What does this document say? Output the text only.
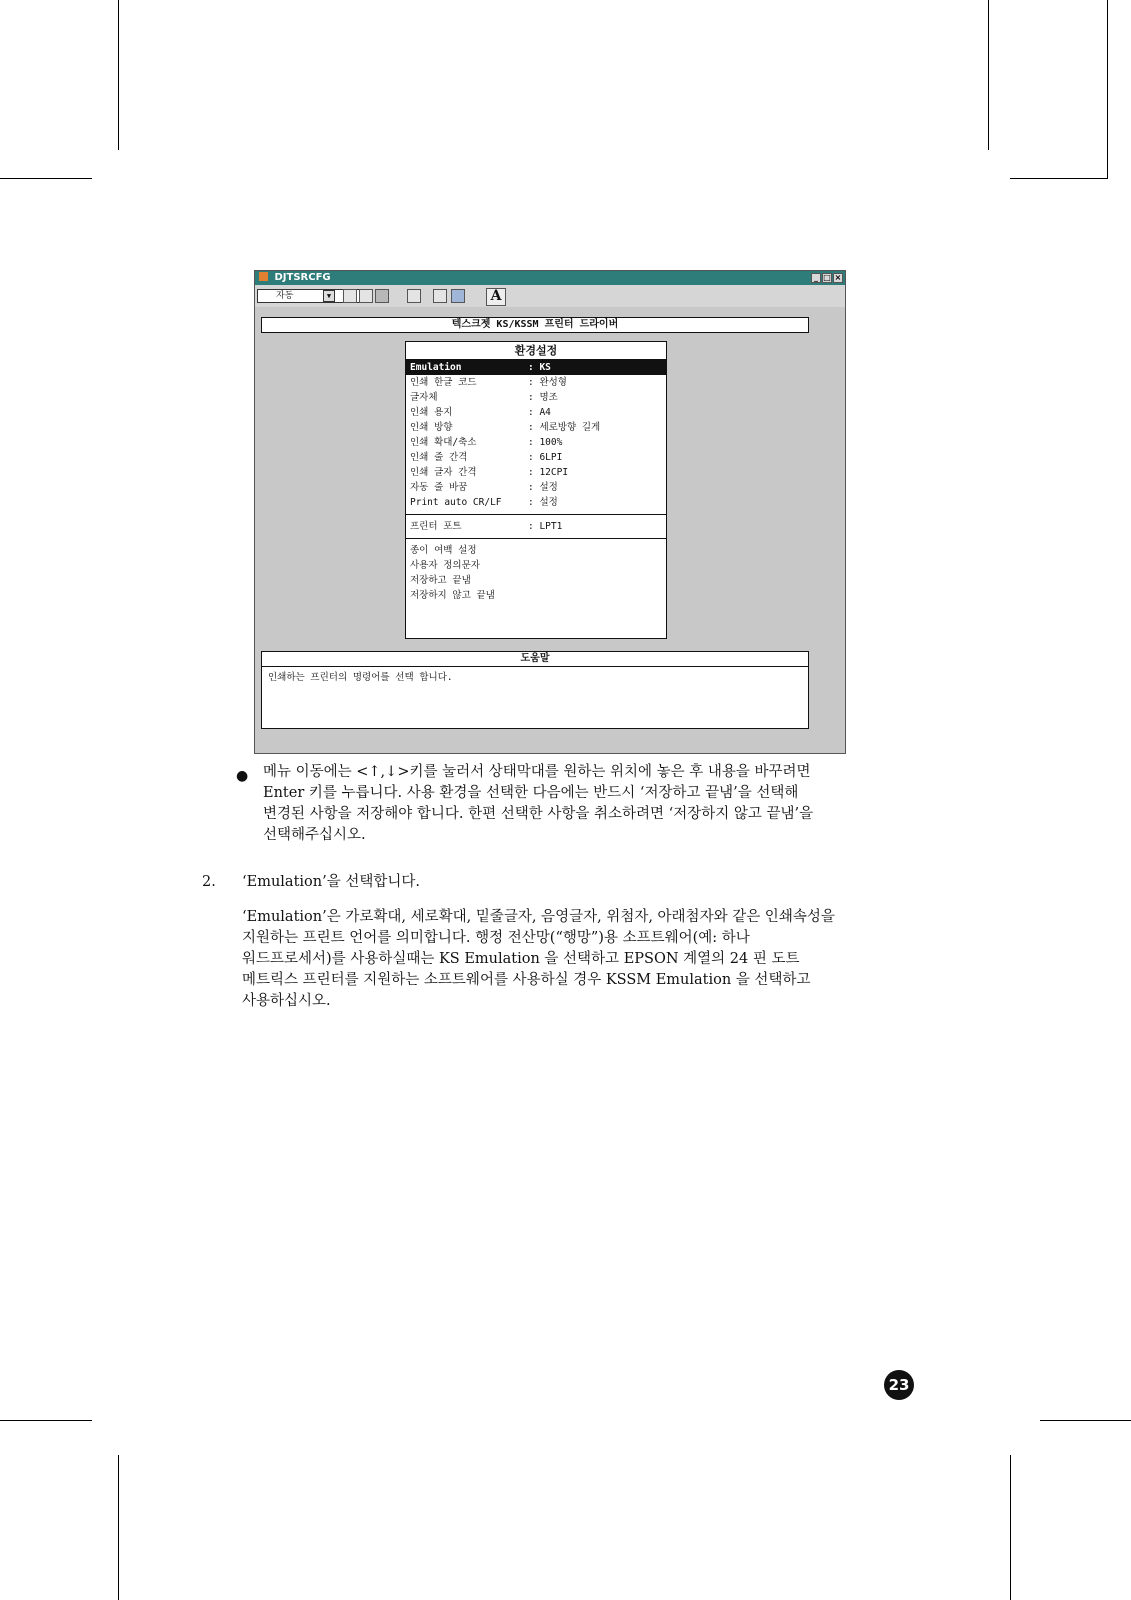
DJTSRCFG	_ □ ×
자동	▼	A
텍스크젯 KS/KSSM 프린터 드라이버
환경설정
Emulation	: KS
인쇄 한글 코드	: 완성형
글자체	: 명조
인쇄 용지	: A4
인쇄 방향	: 세로방향 길게
인쇄 확대/축소	: 100%
인쇄 줄 간격	: 6LPI
인쇄 글자 간격	: 12CPI
자동 줄 바꿈	: 설정
Print auto CR/LF	: 설정
프린터 포트	: LPT1
종이 여백 설정
사용자 정의문자
저장하고 끝냄
저장하지 않고 끝냄
도움말
인쇄하는 프린터의 명령어를 선택 합니다.
● 메뉴 이동에는 <↑,↓>키를 눌러서 상태막대를 원하는 위치에 놓은 후 내용을 바꾸려면
Enter 키를 누릅니다. 사용 환경을 선택한 다음에는 반드시 ‘저장하고 끝냄’을 선택해
변경된 사항을 저장해야 합니다. 한편 선택한 사항을 취소하려면 ‘저장하지 않고 끝냄’을
선택해주십시오.
2. ‘Emulation’을 선택합니다.
‘Emulation’은 가로확대, 세로확대, 밑줄글자, 음영글자, 위첨자, 아래첨자와 같은 인쇄속성을
지원하는 프린트 언어를 의미합니다. 행정 전산망(“행망”)용 소프트웨어(예: 하나
워드프로세서)를 사용하실때는 KS Emulation 을 선택하고 EPSON 계열의 24 핀 도트
메트릭스 프린터를 지원하는 소프트웨어를 사용하실 경우 KSSM Emulation 을 선택하고
사용하십시오.
23
